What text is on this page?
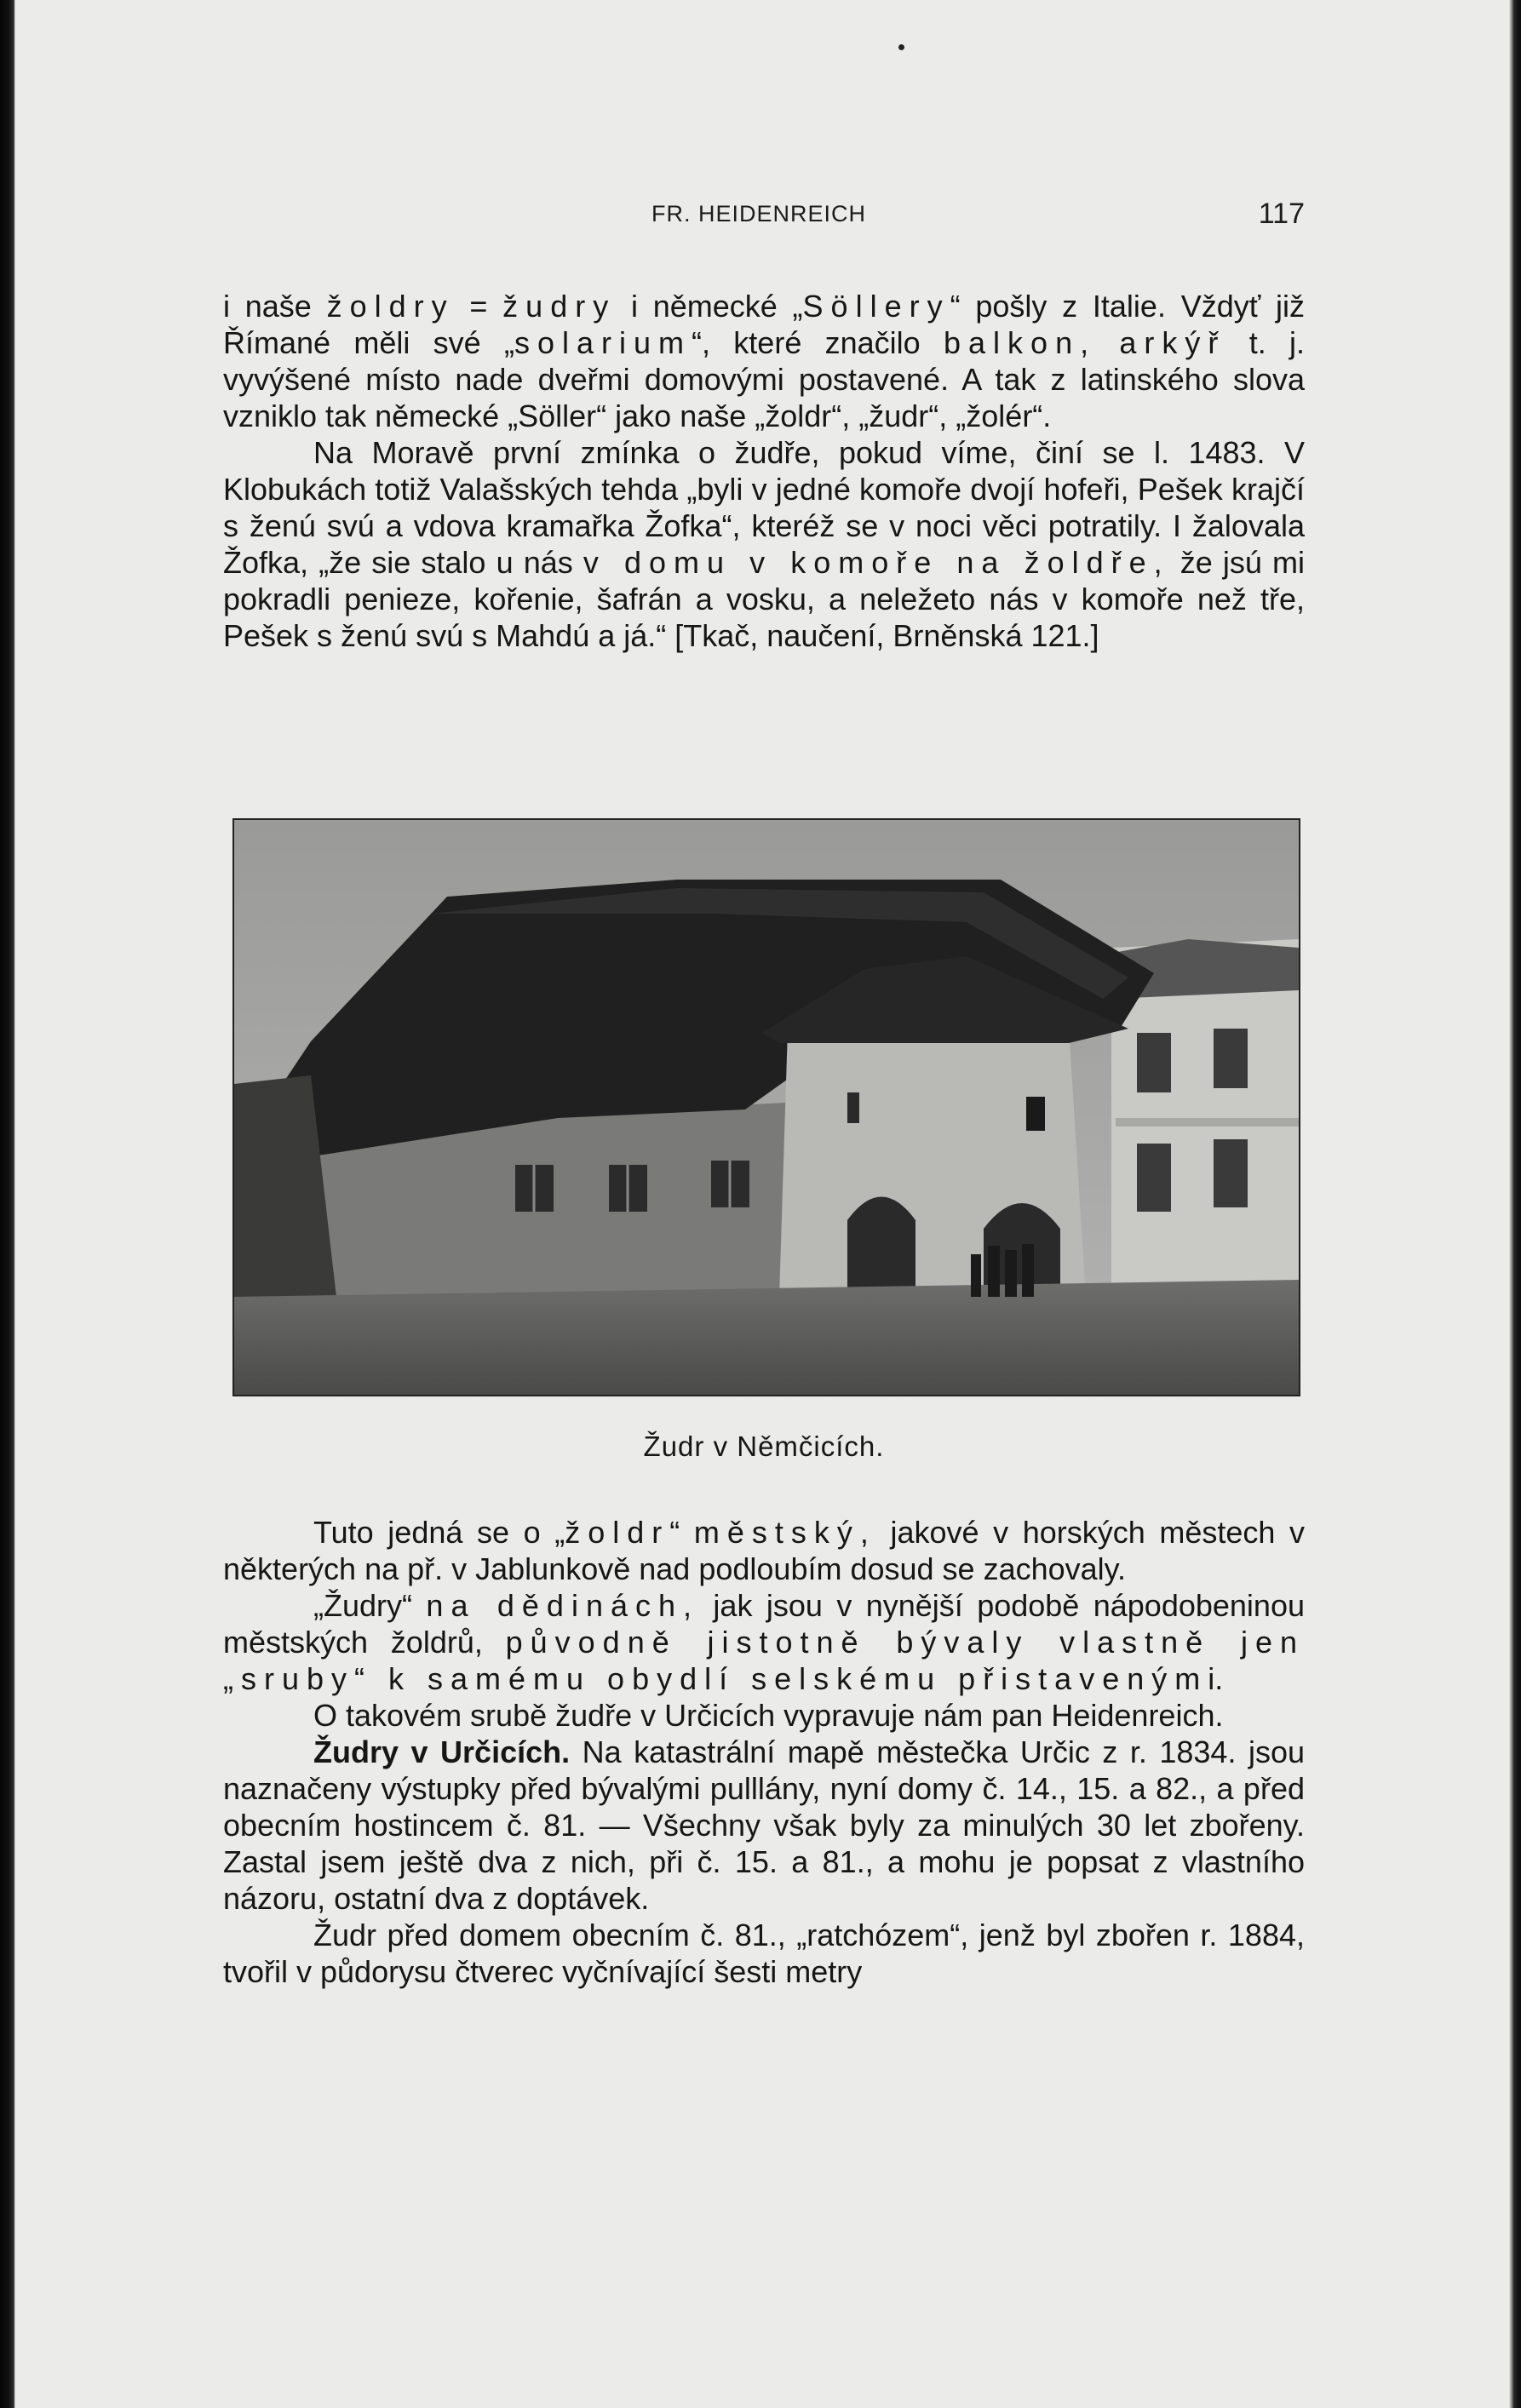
FR. HEIDENREICH	117

i naše žoldry = žudry i německé „Söllery“ pošly z Italie. Vždyť již Římané měli své „solarium“, které značilo balkon, arkýř t. j. vyvýšené místo nade dveřmi domovými postavené. A tak z latinského slova vzniklo tak německé „Söller“ jako naše „žoldr“, „žudr“, „žolér“.

Na Moravě první zmínka o žudře, pokud víme, činí se l. 1483. V Klobukách totiž Valašských tehda „byli v jedné komoře dvojí hofeři, Pešek krajčí s ženú svú a vdova kramařka Žofka“, kteréž se v noci věci potratily. I žalovala Žofka, „že sie stalo u nás v domu v komoře na žoldře, že jsú mi pokradli penieze, kořenie, šafrán a vosku, a neležeto nás v komoře než tře, Pešek s ženú svú s Mahdú a já.“ [Tkač, naučení, Brněnská 121.]

Žudr v Němčicích.

Tuto jedná se o „žoldr“ městský, jakové v horských městech v některých na př. v Jablunkově nad podloubím dosud se zachovaly.

„Žudry“ na dědinách, jak jsou v nynější podobě nápodobeninou městských žoldrů, původně jistotně bývaly vlastně jen „sruby“ k samému obydlí selskému přistavenými.

O takovém srubě žudře v Určicích vypravuje nám pan Heidenreich.

Žudry v Určicích. Na katastrální mapě městečka Určic z r. 1834. jsou naznačeny výstupky před bývalými pulllány, nyní domy č. 14., 15. a 82., a před obecním hostincem č. 81. — Všechny však byly za minulých 30 let zbořeny. Zastal jsem ještě dva z nich, při č. 15. a 81., a mohu je popsat z vlastního názoru, ostatní dva z doptávek.

Žudr před domem obecním č. 81., „ratchózem“, jenž byl zbořen r. 1884, tvořil v půdorysu čtverec vyčnívající šesti metry
